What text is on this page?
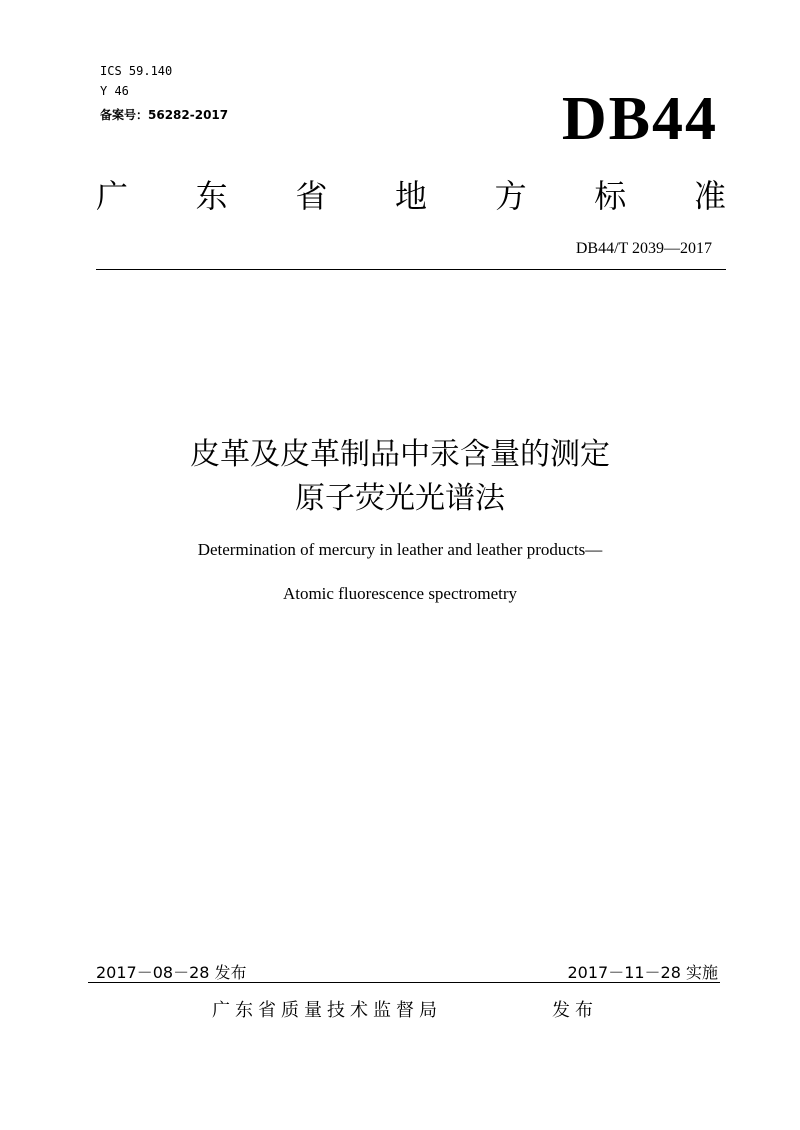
ICS 59.140
Y 46
备案号：56282-2017	DB44
广 东 省 地 方 标 准
DB44/T 2039—2017
皮革及皮革制品中汞含量的测定
原子荧光光谱法
Determination of mercury in leather and leather products—
Atomic fluorescence spectrometry
2017－08－28 发布	2017－11－28 实施
广东省质量技术监督局	发布
